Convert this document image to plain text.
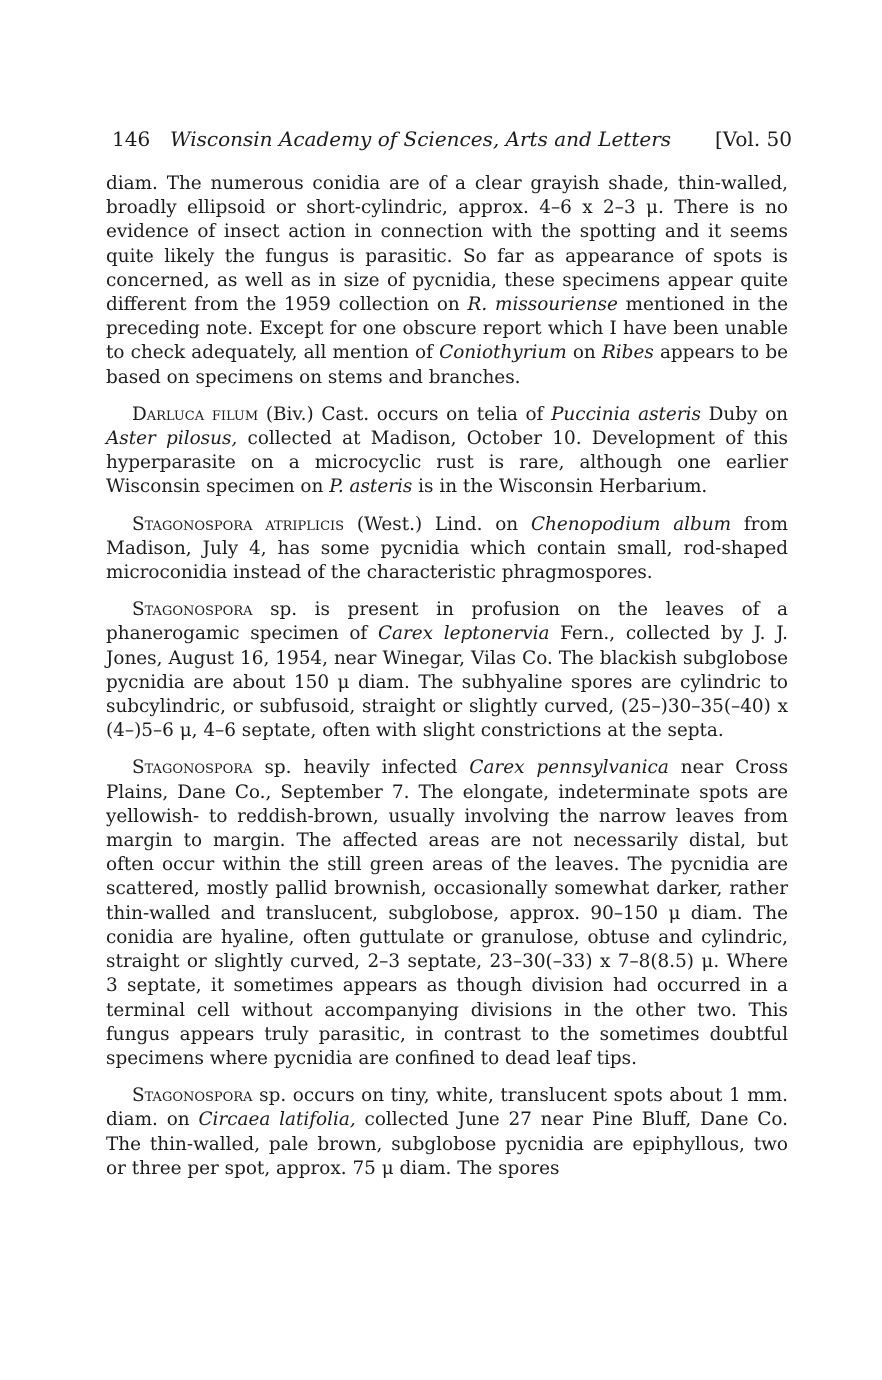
146 Wisconsin Academy of Sciences, Arts and Letters [Vol. 50

diam. The numerous conidia are of a clear grayish shade, thin-walled, broadly ellipsoid or short-cylindric, approx. 4–6 x 2–3 μ. There is no evidence of insect action in connection with the spotting and it seems quite likely the fungus is parasitic. So far as appearance of spots is concerned, as well as in size of pycnidia, these specimens appear quite different from the 1959 collection on R. missouriense mentioned in the preceding note. Except for one obscure report which I have been unable to check adequately, all mention of Coniothyrium on Ribes appears to be based on specimens on stems and branches.

Darluca filum (Biv.) Cast. occurs on telia of Puccinia asteris Duby on Aster pilosus, collected at Madison, October 10. Development of this hyperparasite on a microcyclic rust is rare, although one earlier Wisconsin specimen on P. asteris is in the Wisconsin Herbarium.

Stagonospora atriplicis (West.) Lind. on Chenopodium album from Madison, July 4, has some pycnidia which contain small, rod-shaped microconidia instead of the characteristic phragmospores.

Stagonospora sp. is present in profusion on the leaves of a phanerogamic specimen of Carex leptonervia Fern., collected by J. J. Jones, August 16, 1954, near Winegar, Vilas Co. The blackish subglobose pycnidia are about 150 μ diam. The subhyaline spores are cylindric to subcylindric, or subfusoid, straight or slightly curved, (25–)30–35(–40) x (4–)5–6 μ, 4–6 septate, often with slight constrictions at the septa.

Stagonospora sp. heavily infected Carex pennsylvanica near Cross Plains, Dane Co., September 7. The elongate, indeterminate spots are yellowish- to reddish-brown, usually involving the narrow leaves from margin to margin. The affected areas are not necessarily distal, but often occur within the still green areas of the leaves. The pycnidia are scattered, mostly pallid brownish, occasionally somewhat darker, rather thin-walled and translucent, subglobose, approx. 90–150 μ diam. The conidia are hyaline, often guttulate or granulose, obtuse and cylindric, straight or slightly curved, 2–3 septate, 23–30(–33) x 7–8(8.5) μ. Where 3 septate, it sometimes appears as though division had occurred in a terminal cell without accompanying divisions in the other two. This fungus appears truly parasitic, in contrast to the sometimes doubtful specimens where pycnidia are confined to dead leaf tips.

Stagonospora sp. occurs on tiny, white, translucent spots about 1 mm. diam. on Circaea latifolia, collected June 27 near Pine Bluff, Dane Co. The thin-walled, pale brown, subglobose pycnidia are epiphyllous, two or three per spot, approx. 75 μ diam. The spores
